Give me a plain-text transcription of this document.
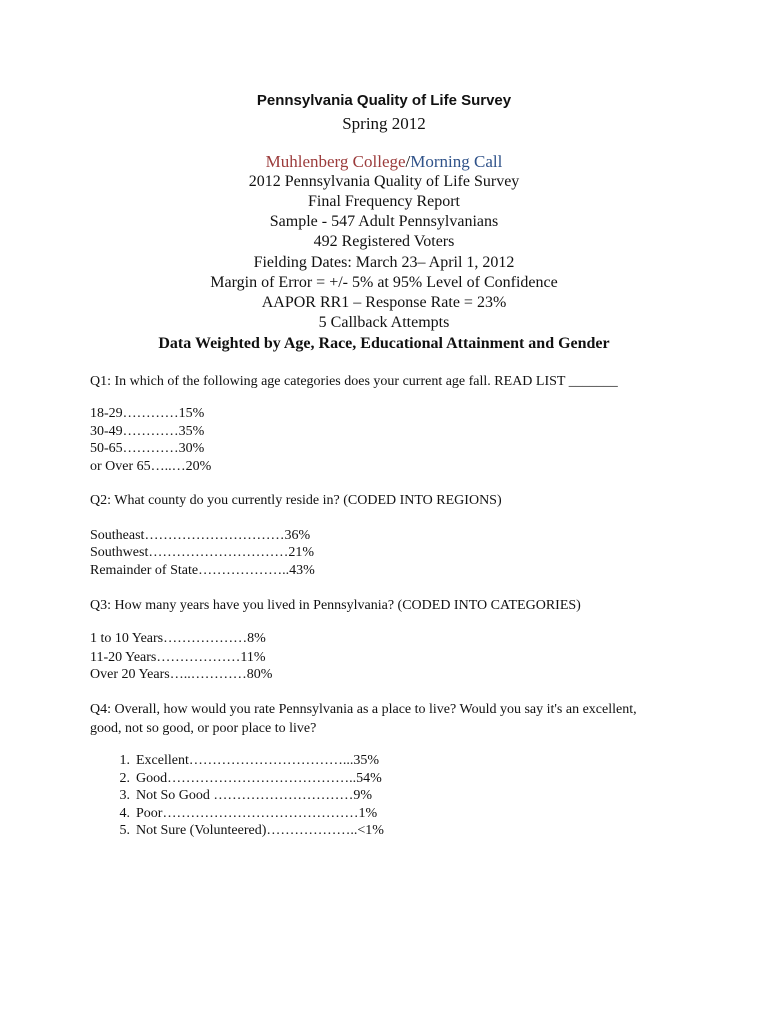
Pennsylvania Quality of Life Survey
Spring 2012
Muhlenberg College/Morning Call
2012 Pennsylvania Quality of Life Survey
Final Frequency Report
Sample - 547 Adult Pennsylvanians
492 Registered Voters
Fielding Dates: March 23– April 1, 2012
Margin of Error = +/- 5% at 95% Level of Confidence
AAPOR RR1 – Response Rate = 23%
5 Callback Attempts
Data Weighted by Age, Race, Educational Attainment and Gender
Q1: In which of the following age categories does your current age fall. READ LIST _______
18-29…………15%
30-49…………35%
50-65…………30%
or Over 65…..…20%
Q2: What county do you currently reside in? (CODED INTO REGIONS)
Southeast…………………………36%
Southwest…………………………21%
Remainder of State………………..43%
Q3: How many years have you lived in Pennsylvania? (CODED INTO CATEGORIES)
1 to 10 Years………………8%
11-20 Years………………11%
Over 20 Years…..…………80%
Q4: Overall, how would you rate Pennsylvania as a place to live? Would you say it's an excellent, good, not so good, or poor place to live?
1. Excellent……………………………...35%
2. Good…………………………………..54%
3. Not So Good …………………………9%
4. Poor……………………………………1%
5. Not Sure (Volunteered)………………..<1%
